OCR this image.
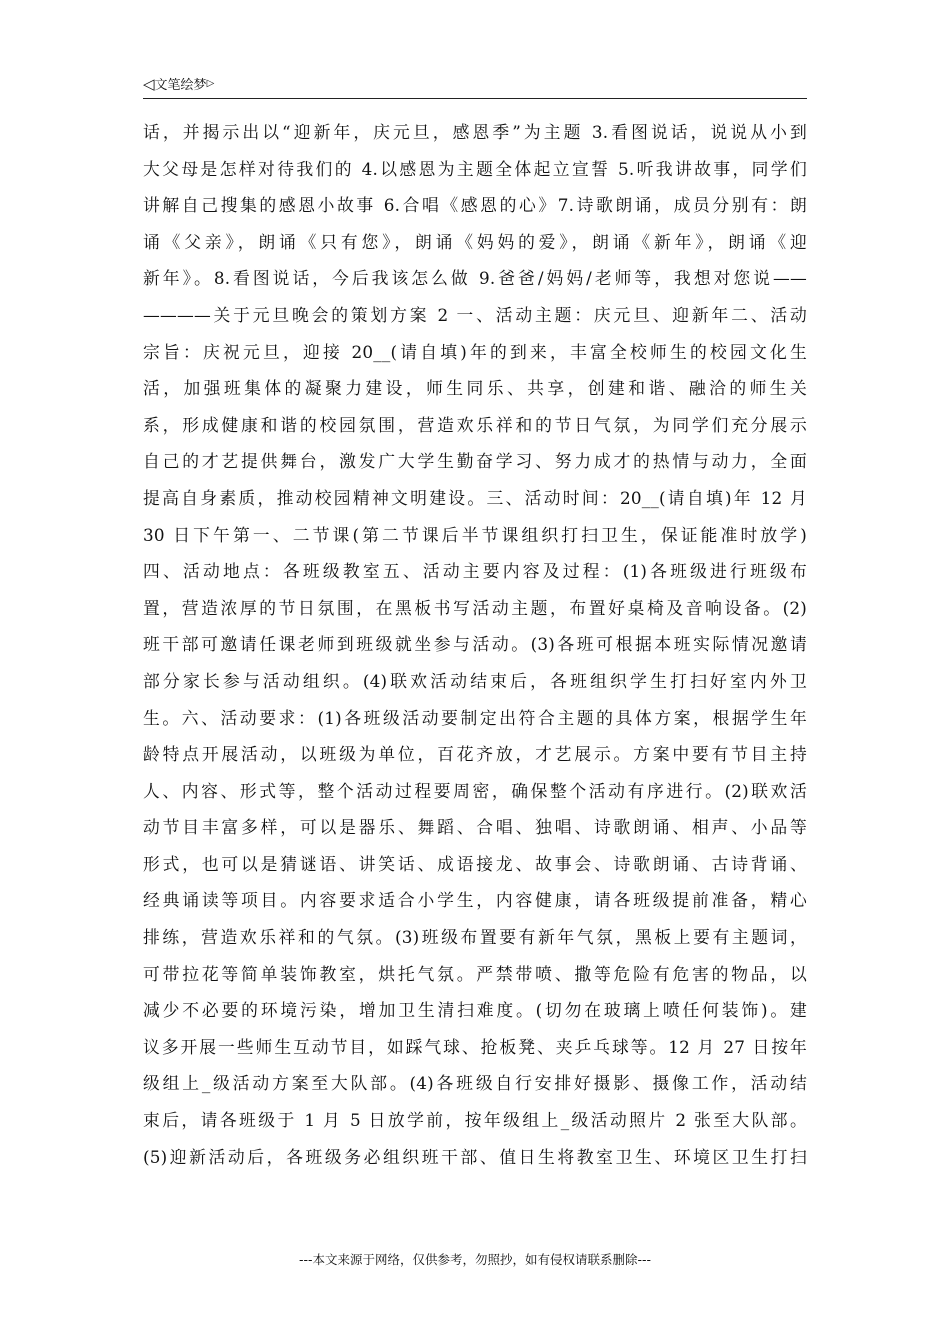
◁文笔绘梦▷
话，并揭示出以“迎新年，庆元旦，感恩季”为主题 3.看图说话，说说从小到
大父母是怎样对待我们的 4.以感恩为主题全体起立宣誓 5.听我讲故事，同学们
讲解自己搜集的感恩小故事 6.合唱《感恩的心》7.诗歌朗诵，成员分别有：朗
诵《父亲》，朗诵《只有您》，朗诵《妈妈的爱》，朗诵《新年》，朗诵《迎
新年》。8.看图说话，今后我该怎么做 9.爸爸/妈妈/老师等，我想对您说——
————关于元旦晚会的策划方案 2 一、活动主题：庆元旦、迎新年二、活动
宗旨：庆祝元旦，迎接 20__(请自填)年的到来，丰富全校师生的校园文化生
活，加强班集体的凝聚力建设，师生同乐、共享，创建和谐、融洽的师生关
系，形成健康和谐的校园氛围，营造欢乐祥和的节日气氛，为同学们充分展示
自己的才艺提供舞台，激发广大学生勤奋学习、努力成才的热情与动力，全面
提高自身素质，推动校园精神文明建设。三、活动时间：20__(请自填)年 12 月
30 日下午第一、二节课(第二节课后半节课组织打扫卫生，保证能准时放学)
四、活动地点：各班级教室五、活动主要内容及过程：(1)各班级进行班级布
置，营造浓厚的节日氛围，在黑板书写活动主题，布置好桌椅及音响设备。(2)
班干部可邀请任课老师到班级就坐参与活动。(3)各班可根据本班实际情况邀请
部分家长参与活动组织。(4)联欢活动结束后，各班组织学生打扫好室内外卫
生。六、活动要求：(1)各班级活动要制定出符合主题的具体方案，根据学生年
龄特点开展活动，以班级为单位，百花齐放，才艺展示。方案中要有节目主持
人、内容、形式等，整个活动过程要周密，确保整个活动有序进行。(2)联欢活
动节目丰富多样，可以是器乐、舞蹈、合唱、独唱、诗歌朗诵、相声、小品等
形式，也可以是猜谜语、讲笑话、成语接龙、故事会、诗歌朗诵、古诗背诵、
经典诵读等项目。内容要求适合小学生，内容健康，请各班级提前准备，精心
排练，营造欢乐祥和的气氛。(3)班级布置要有新年气氛，黑板上要有主题词，
可带拉花等简单装饰教室，烘托气氛。严禁带喷、撒等危险有危害的物品，以
减少不必要的环境污染，增加卫生清扫难度。(切勿在玻璃上喷任何装饰)。建
议多开展一些师生互动节目，如踩气球、抢板凳、夹乒乓球等。12 月 27 日按年
级组上_级活动方案至大队部。(4)各班级自行安排好摄影、摄像工作，活动结
束后，请各班级于 1 月 5 日放学前，按年级组上_级活动照片 2 张至大队部。
(5)迎新活动后，各班级务必组织班干部、值日生将教室卫生、环境区卫生打扫
---本文来源于网络，仅供参考，勿照抄，如有侵权请联系删除---
